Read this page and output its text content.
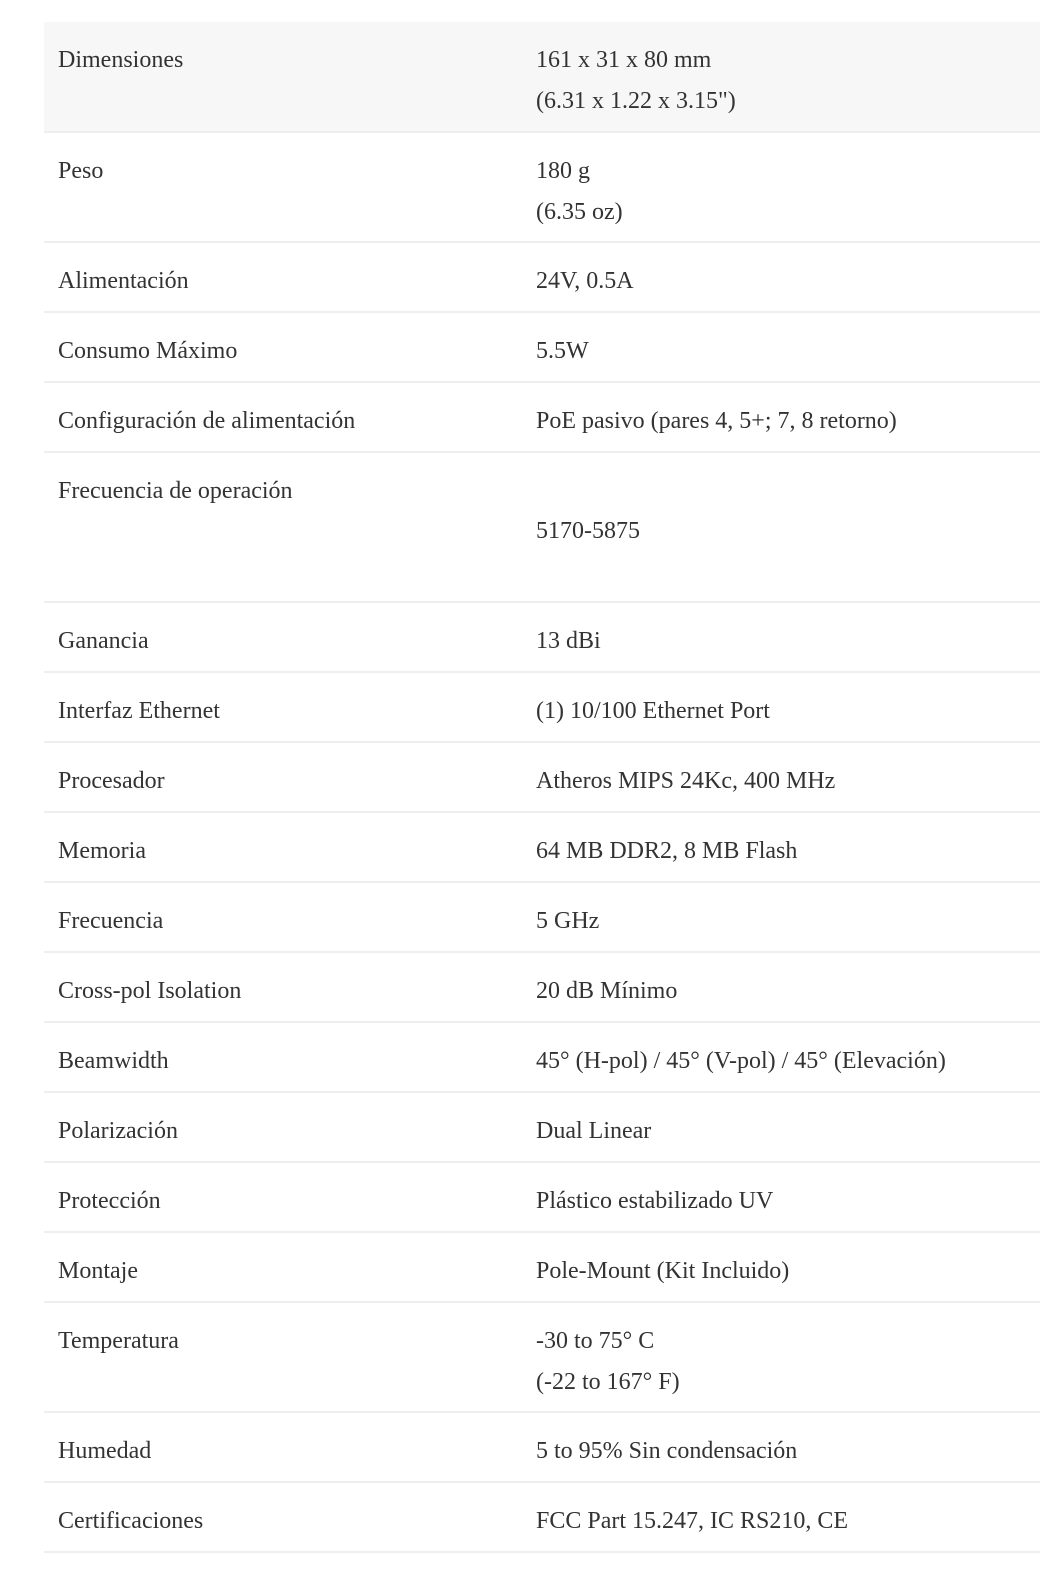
Dimensiones	161 x 31 x 80 mm
(6.31 x 1.22 x 3.15")

Peso	180 g
(6.35 oz)

Alimentación	24V, 0.5A

Consumo Máximo	5.5W

Configuración de alimentación	PoE pasivo (pares 4, 5+; 7, 8 retorno)

Frecuencia de operación	5170-5875

Ganancia	13 dBi

Interfaz Ethernet	(1) 10/100 Ethernet Port

Procesador	Atheros MIPS 24Kc, 400 MHz

Memoria	64 MB DDR2, 8 MB Flash

Frecuencia	5 GHz

Cross-pol Isolation	20 dB Mínimo

Beamwidth	45° (H-pol) / 45° (V-pol) / 45° (Elevación)

Polarización	Dual Linear

Protección	Plástico estabilizado UV

Montaje	Pole-Mount (Kit Incluido)

Temperatura	-30 to 75° C
(-22 to 167° F)

Humedad	5 to 95% Sin condensación

Certificaciones	FCC Part 15.247, IC RS210, CE
